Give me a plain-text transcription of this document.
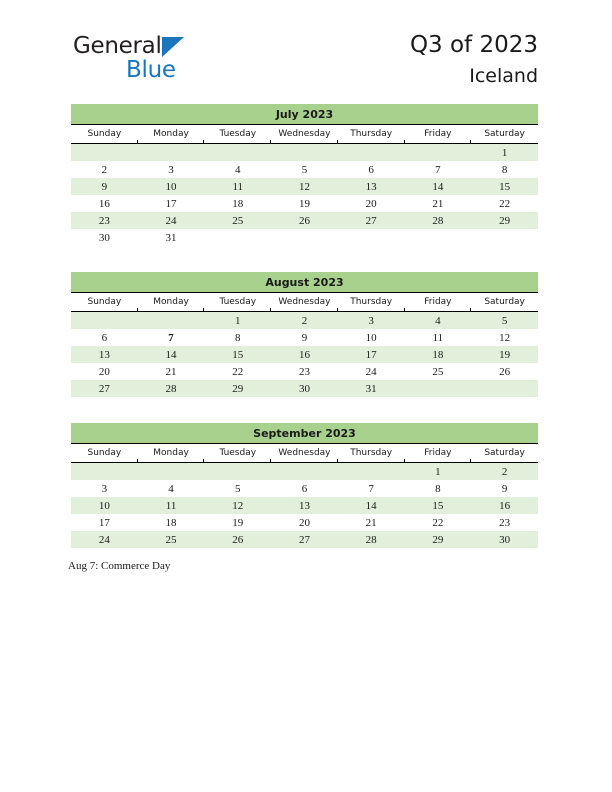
General
Blue
Q3 of 2023
Iceland
July 2023
Sunday	Monday	Tuesday	Wednesday	Thursday	Friday	Saturday
						1
2	3	4	5	6	7	8
9	10	11	12	13	14	15
16	17	18	19	20	21	22
23	24	25	26	27	28	29
30	31					
August 2023
Sunday	Monday	Tuesday	Wednesday	Thursday	Friday	Saturday
		1	2	3	4	5
6	7	8	9	10	11	12
13	14	15	16	17	18	19
20	21	22	23	24	25	26
27	28	29	30	31		
September 2023
Sunday	Monday	Tuesday	Wednesday	Thursday	Friday	Saturday
					1	2
3	4	5	6	7	8	9
10	11	12	13	14	15	16
17	18	19	20	21	22	23
24	25	26	27	28	29	30
Aug 7: Commerce Day
